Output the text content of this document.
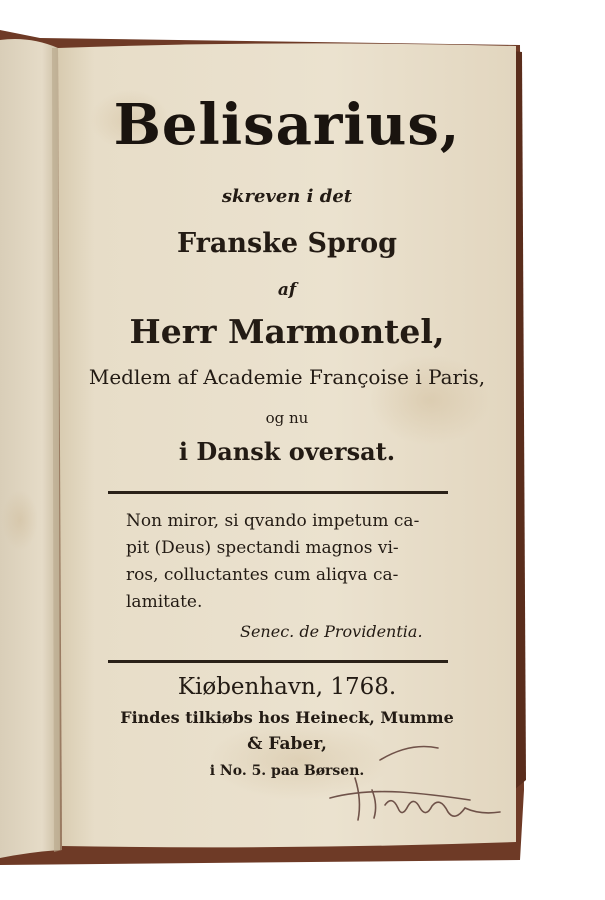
Belisarius,
skreven i det
Franske Sprog
af
Herr Marmontel,
Medlem af Academie Françoise i Paris,
og nu
i Dansk oversat.
Non miror, si qvando impetum ca-
pit (Deus) spectandi magnos vi-
ros, colluctantes cum aliqva ca-
lamitate.
Senec. de Providentia.
Kiøbenhavn, 1768.
Findes tilkiøbs hos Heineck, Mumme
& Faber,
i No. 5. paa Børsen.
